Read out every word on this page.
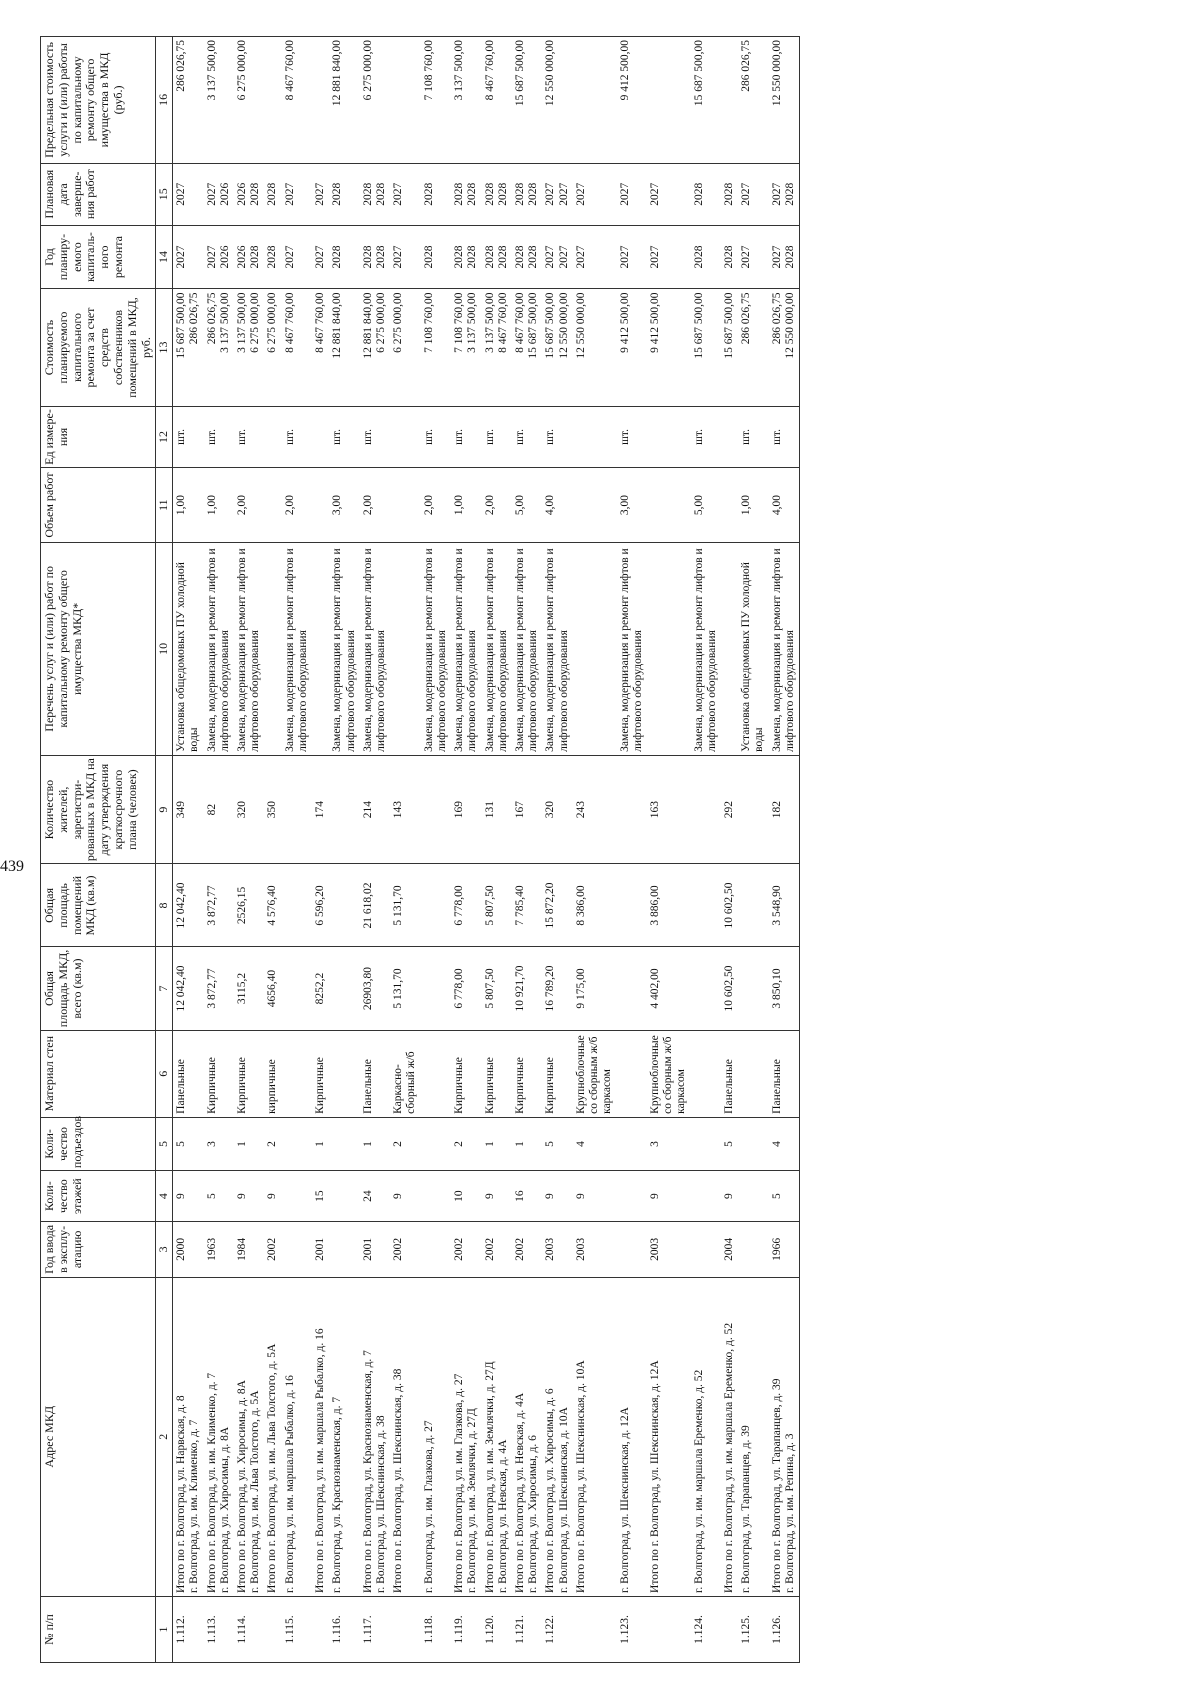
439
№ п/п	Адрес МКД	Год ввода в эксплу-атацию	Коли-чество этажей	Коли-чество подъездов	Материал стен	Общая площадь МКД, всего (кв.м)	Общая площадь помещений МКД (кв.м)	Количество жителей, зарегистри-рованных в МКД на дату утверждения краткосрочного плана (человек)	Перечень услуг и (или) работ по капитальному ремонту общего имущества МКД*	Объем работ	Ед измере-ния	Стоимость планируемого капитального ремонта за счет средств собственников помещений в МКД, руб.	Год планиру-емого капиталь-ного ремонта	Плановая дата заверше-ния работ	Предельная стоимость услуги и (или) работы по капитальному ремонту общего имущества в МКД (руб.)
1	2	3	4	5	6	7	8	9	10	11	12	13	14	15	16

1.112.	Итого по г. Волгоград, ул. Нарвская, д. 8 г. Волгоград, ул. им. Клименко, д. 7	2000	9	5	Панельные	12 042,40	12 042,40	349	Установка общедомовых ПУ холодной воды	1,00	шт.	15 687 500,00 286 026,75	2027	2027	286 026,75

1.113.	Итого по г. Волгоград, ул. им. Клименко, д. 7 г. Волгоград, ул. Хиросимы, д. 8А	1963	5	3	Кирпичные	3 872,77	3 872,77	82	Замена, модернизация и ремонт лифтов и лифтового оборудования	1,00	шт.	286 026,75 3 137 500,00	2027 2026	2027 2026	3 137 500,00

1.114.	Итого по г. Волгоград, ул. Хиросимы, д. 8А г. Волгоград, ул. им. Льва Толстого, д. 5А	1984	9	1	Кирпичные	3115,2	2526,15	320	Замена, модернизация и ремонт лифтов и лифтового оборудования	2,00	шт.	3 137 500,00 6 275 000,00	2026 2028	2026 2028	6 275 000,00

	Итого по г. Волгоград, ул. им. Льва Толстого, д. 5А	2002	9	2	кирпичные	4656,40	4 576,40	350				6 275 000,00	2028	2028	

1.115.	г. Волгоград, ул. им. маршала Рыбалко, д. 16								Замена, модернизация и ремонт лифтов и лифтового оборудования	2,00	шт.	8 467 760,00	2027	2027	8 467 760,00

	Итого по г. Волгоград, ул. им. маршала Рыбалко, д. 16	2001	15	1	Кирпичные	8252,2	6 596,20	174				8 467 760,00	2027	2027	

1.116.	г. Волгоград, ул. Краснознаменская, д. 7								Замена, модернизация и ремонт лифтов и лифтового оборудования	3,00	шт.	12 881 840,00	2028	2028	12 881 840,00

1.117.	Итого по г. Волгоград, ул. Краснознаменская, д. 7 г. Волгоград, ул. Шекснинская, д. 38	2001	24	1	Панельные	26903,80	21 618,02	214	Замена, модернизация и ремонт лифтов и лифтового оборудования	2,00	шт.	12 881 840,00 6 275 000,00	2028 2028	2028 2028	6 275 000,00

	Итого по г. Волгоград, ул. Шекснинская, д. 38	2002	9	2	Каркасно-сборный ж/б	5 131,70	5 131,70	143				6 275 000,00	2027	2027	

1.118.	г. Волгоград, ул. им. Глазкова, д. 27								Замена, модернизация и ремонт лифтов и лифтового оборудования	2,00	шт.	7 108 760,00	2028	2028	7 108 760,00

1.119.	Итого по г. Волгоград, ул. им. Глазкова, д. 27 г. Волгоград, ул. им. Землячки, д. 27Д	2002	10	2	Кирпичные	6 778,00	6 778,00	169	Замена, модернизация и ремонт лифтов и лифтового оборудования	1,00	шт.	7 108 760,00 3 137 500,00	2028 2028	2028 2028	3 137 500,00

1.120.	Итого по г. Волгоград, ул. им. Землячки, д. 27Д г. Волгоград, ул. Невская, д. 4А	2002	9	1	Кирпичные	5 807,50	5 807,50	131	Замена, модернизация и ремонт лифтов и лифтового оборудования	2,00	шт.	3 137 500,00 8 467 760,00	2028 2028	2028 2028	8 467 760,00

1.121.	Итого по г. Волгоград, ул. Невская, д. 4А г. Волгоград, ул. Хиросимы, д. 6	2002	16	1	Кирпичные	10 921,70	7 785,40	167	Замена, модернизация и ремонт лифтов и лифтового оборудования	5,00	шт.	8 467 760,00 15 687 500,00	2028 2028	2028 2028	15 687 500,00

1.122.	Итого по г. Волгоград, ул. Хиросимы, д. 6 г. Волгоград, ул. Шекснинская, д. 10А	2003	9	5	Кирпичные	16 789,20	15 872,20	320	Замена, модернизация и ремонт лифтов и лифтового оборудования	4,00	шт.	15 687 500,00 12 550 000,00	2027 2027	2027 2027	12 550 000,00

	Итого по г. Волгоград, ул. Шекснинская, д. 10А	2003	9	4	Крупноблочные со сборным ж/б каркасом	9 175,00	8 386,00	243				12 550 000,00	2027	2027	

1.123.	г. Волгоград, ул. Шекснинская, д. 12А								Замена, модернизация и ремонт лифтов и лифтового оборудования	3,00	шт.	9 412 500,00	2027	2027	9 412 500,00

	Итого по г. Волгоград, ул. Шекснинская, д. 12А	2003	9	3	Крупноблочные со сборным ж/б каркасом	4 402,00	3 886,00	163				9 412 500,00	2027	2027	

1.124.	г. Волгоград, ул. им. маршала Еременко, д. 52								Замена, модернизация и ремонт лифтов и лифтового оборудования	5,00	шт.	15 687 500,00	2028	2028	15 687 500,00

	Итого по г. Волгоград, ул. им. маршала Еременко, д. 52	2004	9	5	Панельные	10 602,50	10 602,50	292				15 687 500,00	2028	2028	

1.125.	г. Волгоград, ул. Тарапанцев, д. 39								Установка общедомовых ПУ холодной воды	1,00	шт.	286 026,75	2027	2027	286 026,75

1.126.	Итого по г. Волгоград, ул. Тарапанцев, д. 39 г. Волгоград, ул. им. Репина, д. 3	1966	5	4	Панельные	3 850,10	3 548,90	182	Замена, модернизация и ремонт лифтов и лифтового оборудования	4,00	шт.	286 026,75 12 550 000,00	2027 2028	2027 2028	12 550 000,00
